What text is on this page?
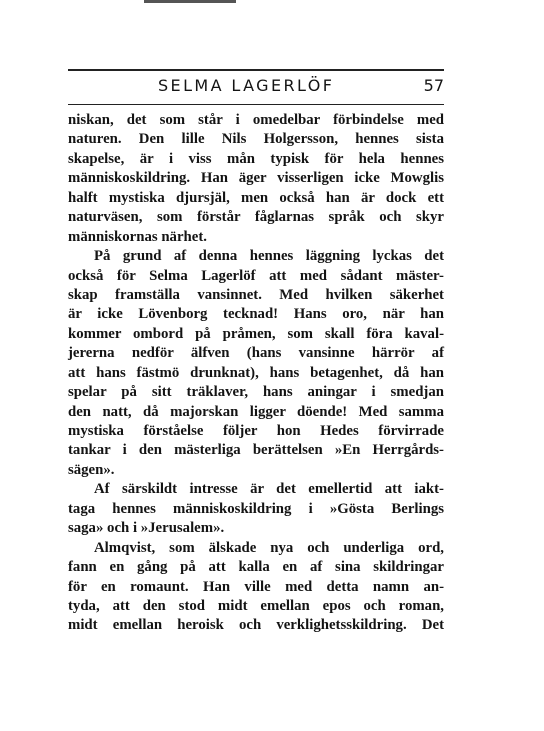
SELMA LAGERLÖF	57
niskan, det som står i omedelbar förbindelse med
naturen. Den lille Nils Holgersson, hennes sista
skapelse, är i viss mån typisk för hela hennes
människoskildring. Han äger visserligen icke Mowglis
halft mystiska djursjäl, men också han är dock ett
naturväsen, som förstår fåglarnas språk och skyr
människornas närhet.
På grund af denna hennes läggning lyckas det
också för Selma Lagerlöf att med sådant mäster-
skap framställa vansinnet. Med hvilken säkerhet
är icke Lövenborg tecknad! Hans oro, när han
kommer ombord på pråmen, som skall föra kaval-
jererna nedför älfven (hans vansinne härrör af
att hans fästmö drunknat), hans betagenhet, då han
spelar på sitt träklaver, hans aningar i smedjan
den natt, då majorskan ligger döende! Med samma
mystiska förståelse följer hon Hedes förvirrade
tankar i den mästerliga berättelsen »En Herrgårds-
sägen».
Af särskildt intresse är det emellertid att iakt-
taga hennes människoskildring i »Gösta Berlings
saga» och i »Jerusalem».
Almqvist, som älskade nya och underliga ord,
fann en gång på att kalla en af sina skildringar
för en romaunt. Han ville med detta namn an-
tyda, att den stod midt emellan epos och roman,
midt emellan heroisk och verklighetsskildring. Det
